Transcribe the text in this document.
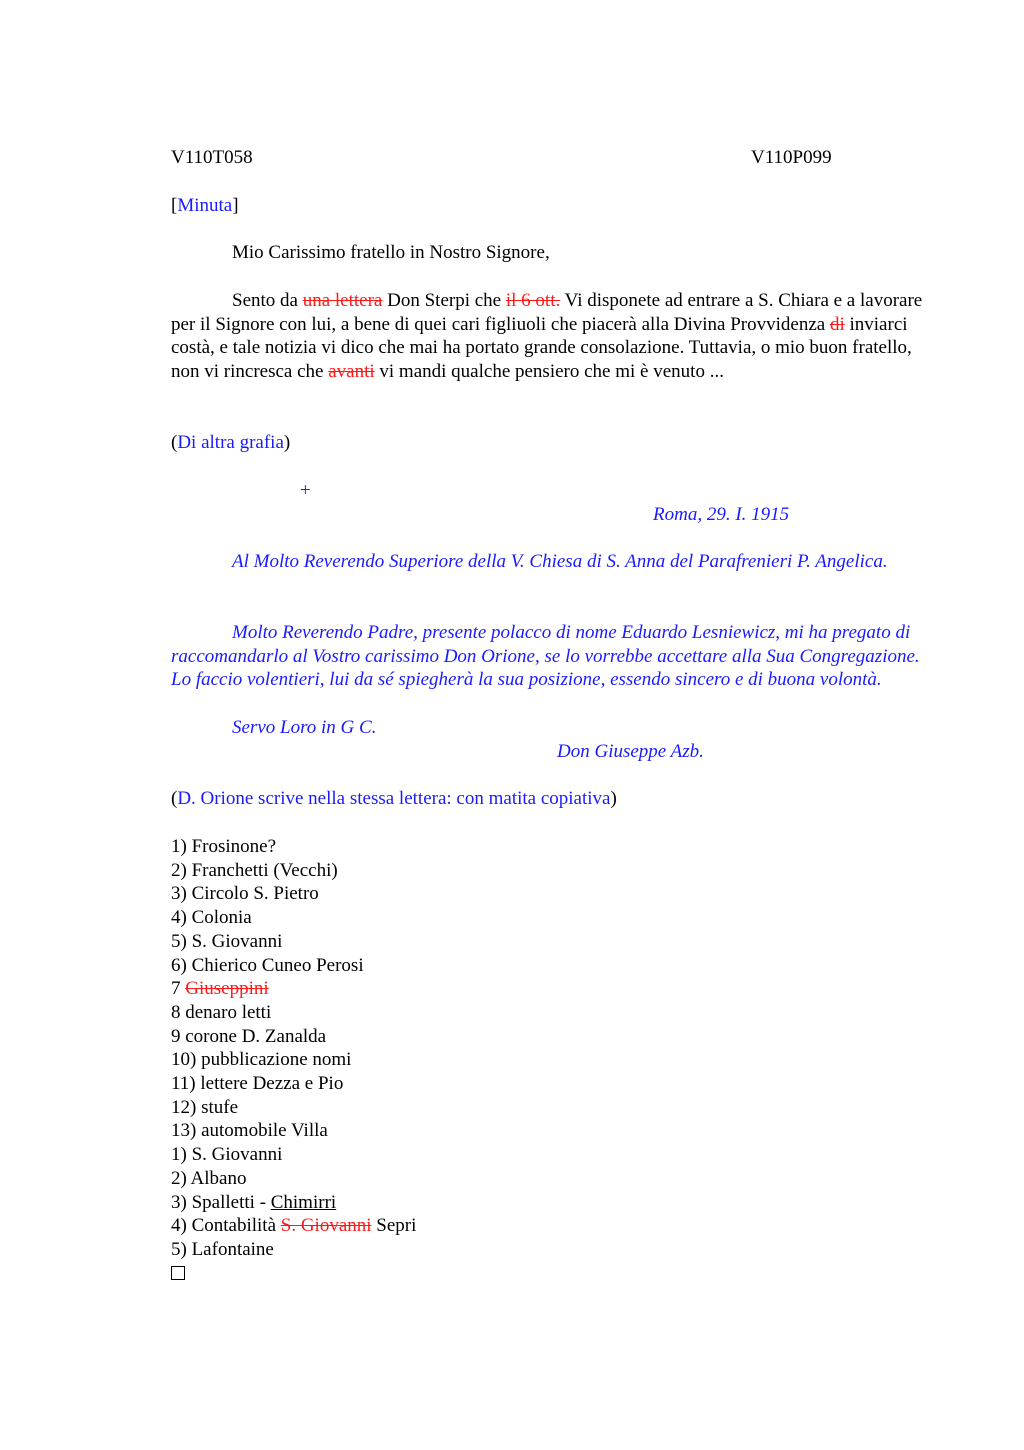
V110T058	V110P099
[Minuta]
Mio Carissimo fratello in Nostro Signore,

Sento da una lettera Don Sterpi che il 6 ott. Vi disponete ad entrare a S. Chiara e a lavorare per il Signore con lui, a bene di quei cari figliuoli che piacerà alla Divina Provvidenza di inviarci costà, e tale notizia vi dico che mai ha portato grande consolazione. Tuttavia, o mio buon fratello, non vi rincresca che avanti vi mandi qualche pensiero che mi è venuto ...

(Di altra grafia)
+
Roma, 29. I. 1915

Al Molto Reverendo Superiore della V. Chiesa di S. Anna del Parafrenieri P. Angelica.

Molto Reverendo Padre, presente polacco di nome Eduardo Lesniewicz, mi ha pregato di raccomandarlo al Vostro carissimo Don Orione, se lo vorrebbe accettare alla Sua Congregazione. Lo faccio volentieri, lui da sé spiegherà la sua posizione, essendo sincero e di buona volontà.

Servo Loro in G C.
Don Giuseppe Azb.
(D. Orione scrive nella stessa lettera: con matita copiativa)
1) Frosinone?
2) Franchetti (Vecchi)
3) Circolo S. Pietro
4) Colonia
5) S. Giovanni
6) Chierico Cuneo Perosi
7 Giuseppini
8 denaro letti
9 corone D. Zanalda
10) pubblicazione nomi
11) lettere Dezza e Pio
12) stufe
13) automobile Villa
1) S. Giovanni
2) Albano
3) Spalletti - Chimirri
4) Contabilità S. Giovanni Sepri
5) Lafontaine
